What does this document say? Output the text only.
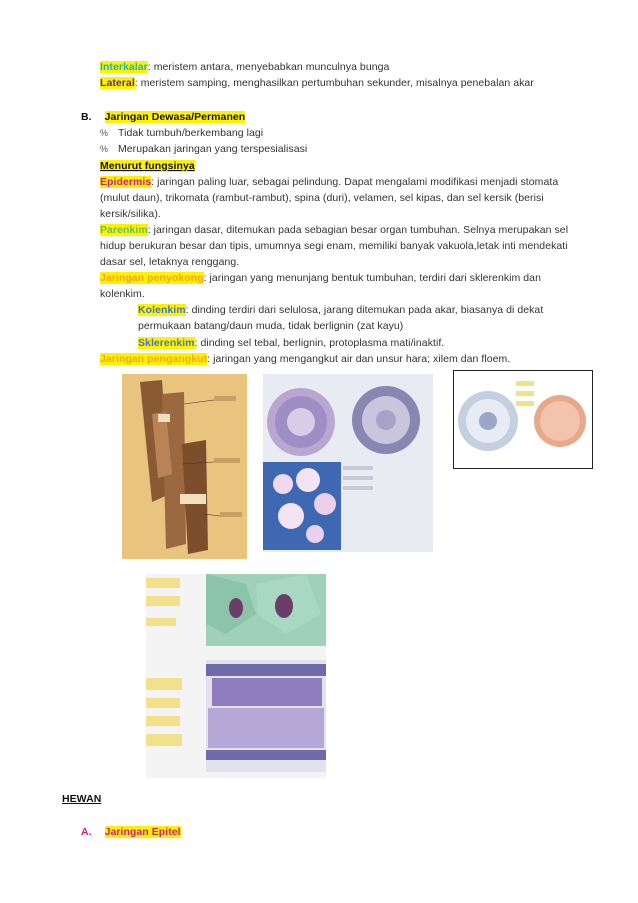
Interkalar: meristem antara, menyebabkan munculnya bunga
Lateral: meristem samping, menghasilkan pertumbuhan sekunder, misalnya penebalan akar
B. Jaringan Dewasa/Permanen
% Tidak tumbuh/berkembang lagi
% Merupakan jaringan yang terspesialisasi
Menurut fungsinya
Epidermis: jaringan paling luar, sebagai pelindung. Dapat mengalami modifikasi menjadi stomata
(mulut daun), trikomata (rambut-rambut), spina (duri), velamen, sel kipas, dan sel kersik (berisi
kersik/silika).
Parenkim: jaringan dasar, ditemukan pada sebagian besar organ tumbuhan. Selnya merupakan sel
hidup berukuran besar dan tipis, umumnya segi enam, memiliki banyak vakuola,letak inti mendekati
dasar sel, letaknya renggang.
Jaringan penyokong: jaringan yang menunjang bentuk tumbuhan, terdiri dari sklerenkim dan
kolenkim.
Kolenkim: dinding terdiri dari selulosa, jarang ditemukan pada akar, biasanya di dekat
permukaan batang/daun muda, tidak berlignin (zat kayu)
Sklerenkim: dinding sel tebal, berlignin, protoplasma mati/inaktif.
Jaringan pengangkut: jaringan yang mengangkut air dan unsur hara; xilem dan floem.
HEWAN
A. Jaringan Epitel
